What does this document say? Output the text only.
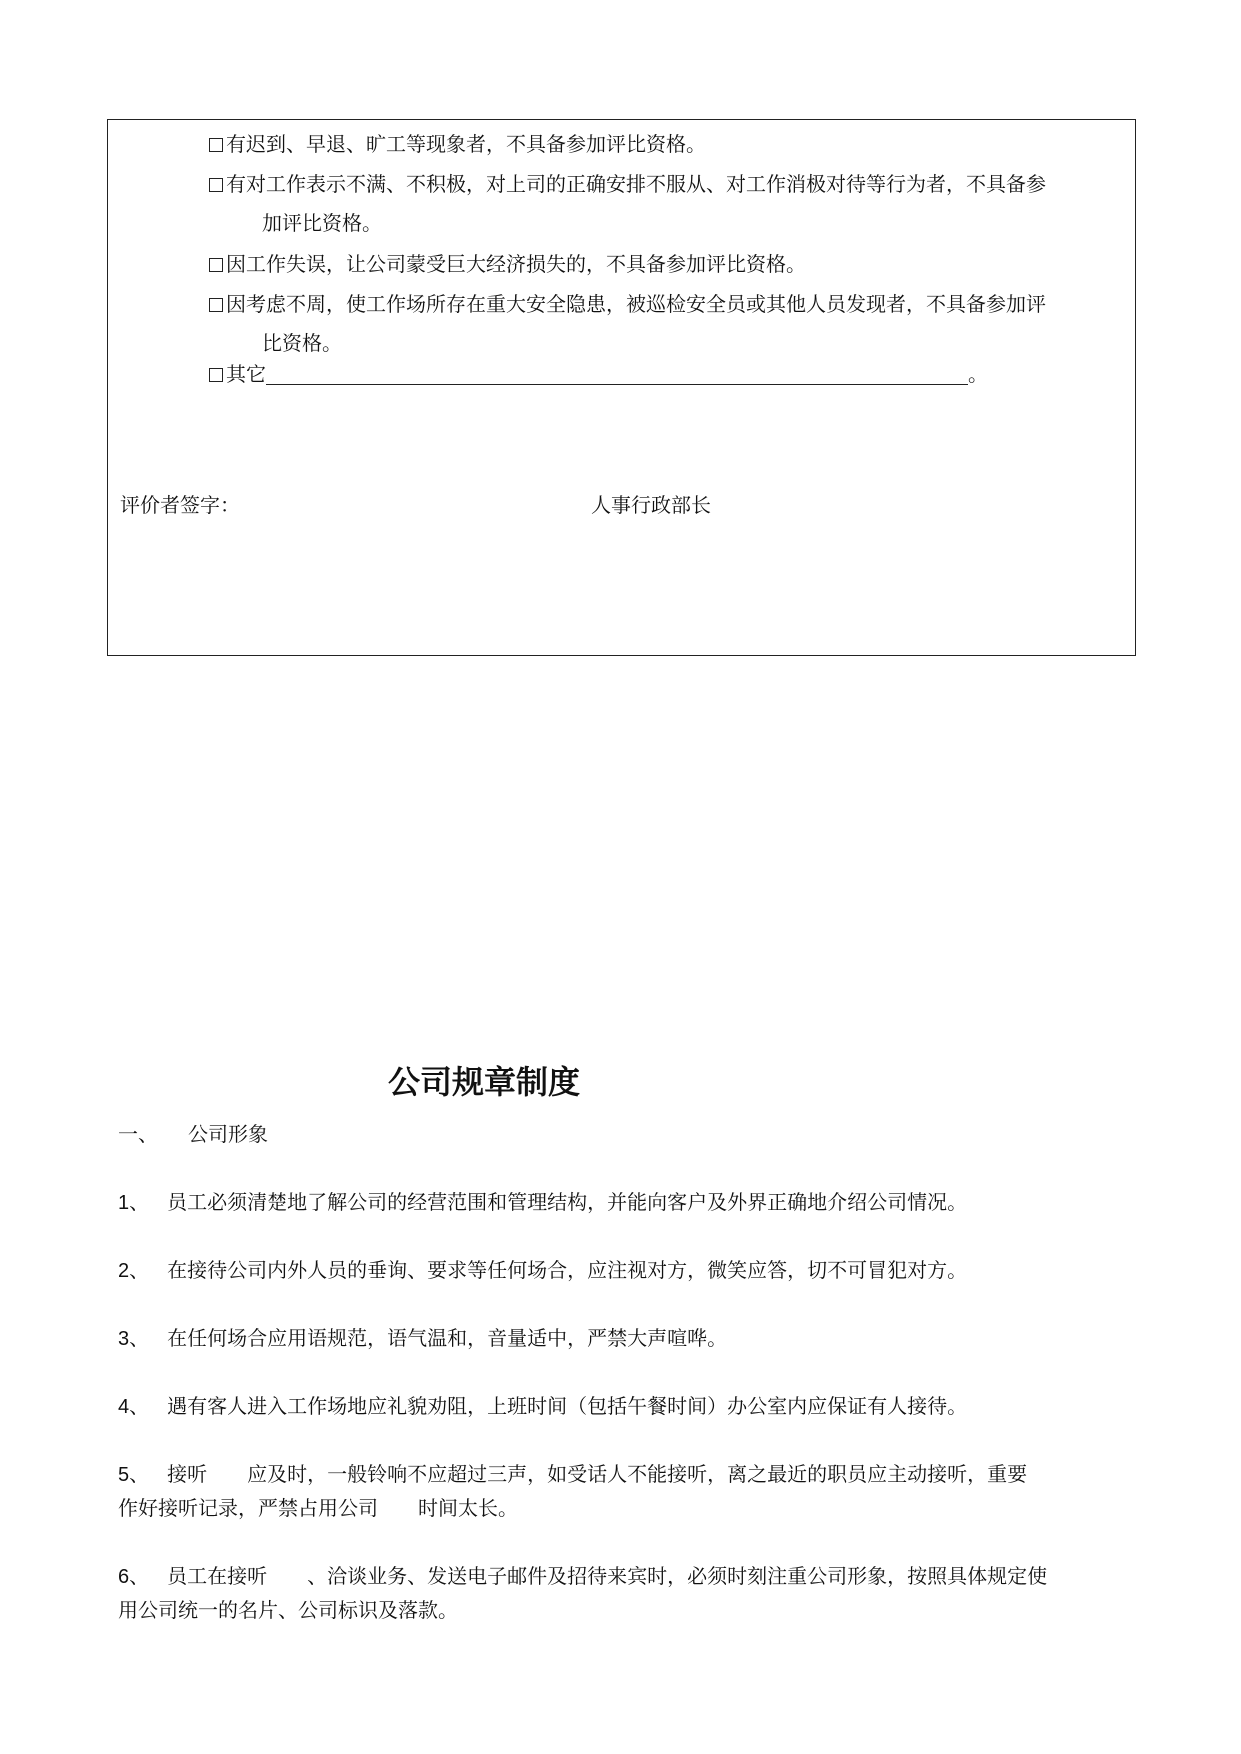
有迟到、早退、旷工等现象者，不具备参加评比资格。
有对工作表示不满、不积极，对上司的正确安排不服从、对工作消极对待等行为者，不具备参
加评比资格。
因工作失误，让公司蒙受巨大经济损失的，不具备参加评比资格。
因考虑不周，使工作场所存在重大安全隐患，被巡检安全员或其他人员发现者，不具备参加评
比资格。
其它	。
评价者签字：	人事行政部长
公司规章制度
一、 公司形象
1、 员工必须清楚地了解公司的经营范围和管理结构，并能向客户及外界正确地介绍公司情况。
2、 在接待公司内外人员的垂询、要求等任何场合，应注视对方，微笑应答，切不可冒犯对方。
3、 在任何场合应用语规范，语气温和，音量适中，严禁大声喧哗。
4、 遇有客人进入工作场地应礼貌劝阻，上班时间（包括午餐时间）办公室内应保证有人接待。
5、 接听　　应及时，一般铃响不应超过三声，如受话人不能接听，离之最近的职员应主动接听，重要
作好接听记录，严禁占用公司　　时间太长。
6、 员工在接听　　、洽谈业务、发送电子邮件及招待来宾时，必须时刻注重公司形象，按照具体规定使
用公司统一的名片、公司标识及落款。
